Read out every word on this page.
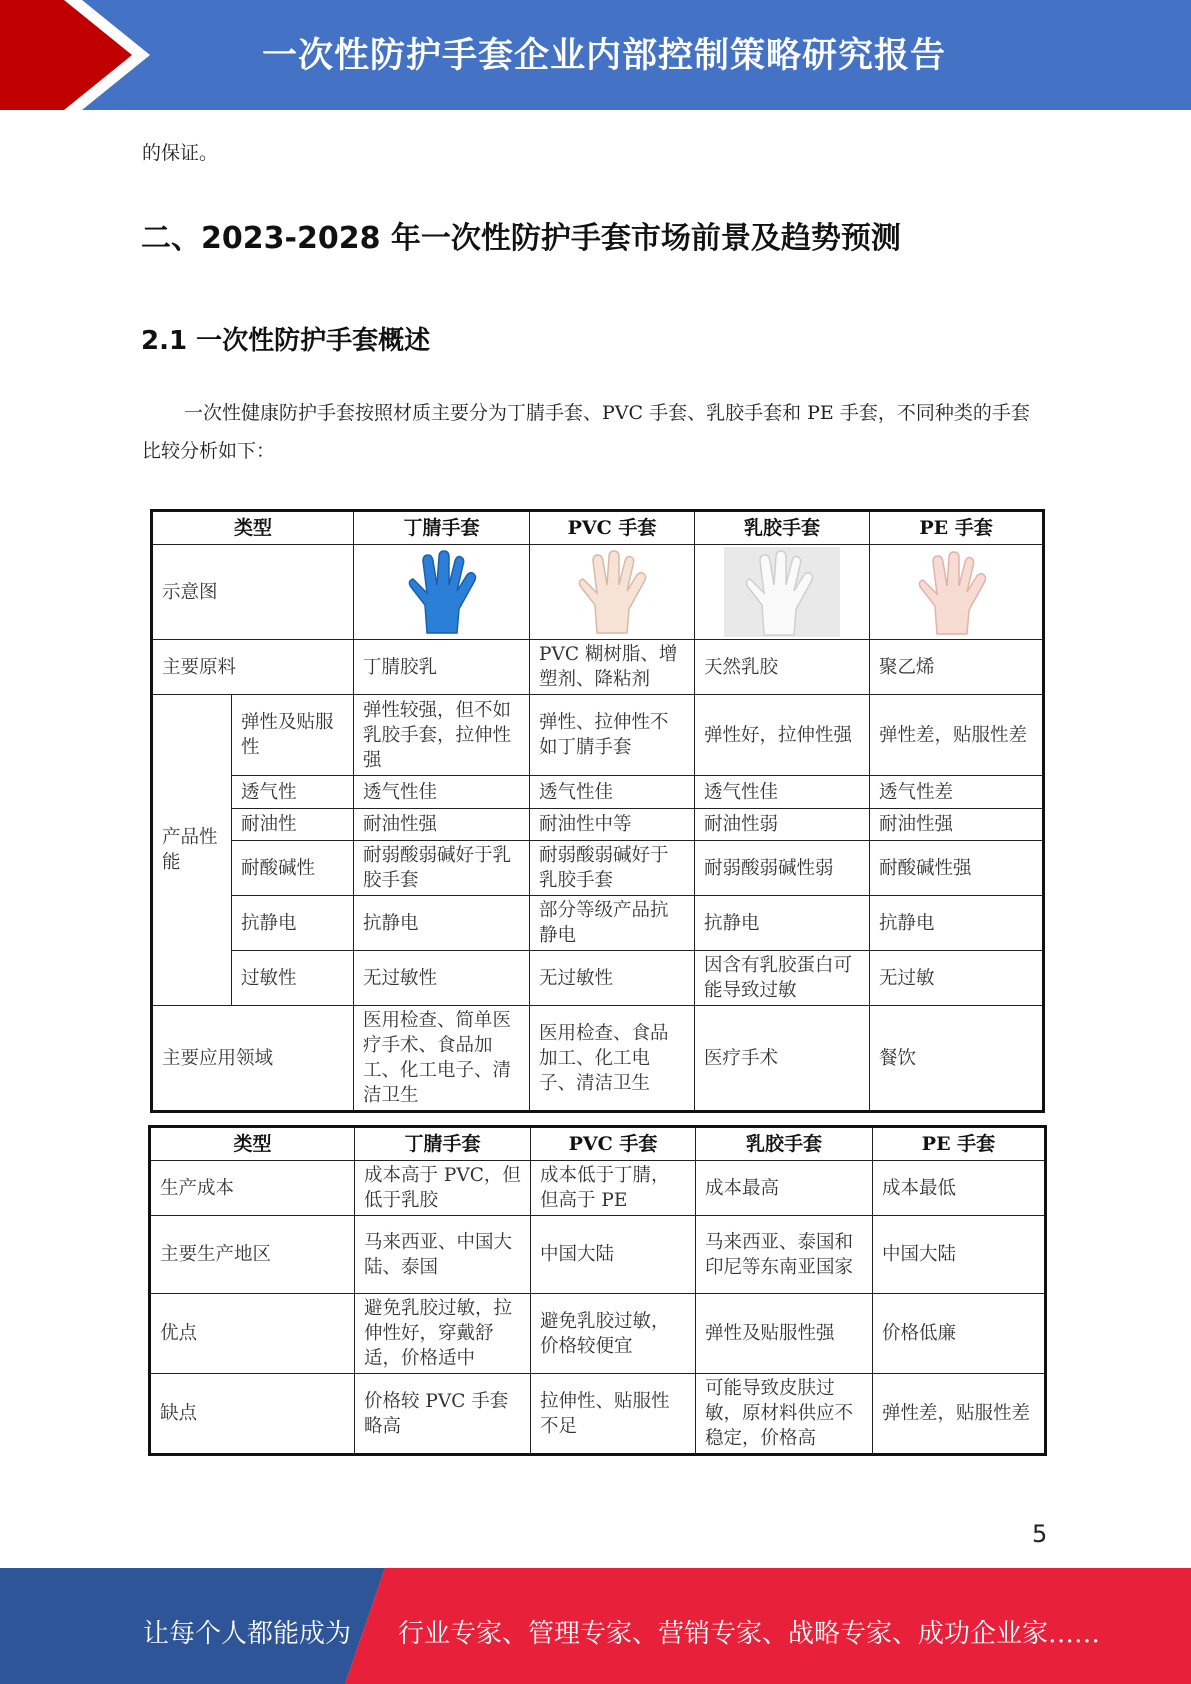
一次性防护手套企业内部控制策略研究报告
的保证。
二、2023-2028 年一次性防护手套市场前景及趋势预测
2.1 一次性防护手套概述
一次性健康防护手套按照材质主要分为丁腈手套、PVC 手套、乳胶手套和 PE 手套，不同种类的手套比较分析如下：
类型		丁腈手套	PVC 手套	乳胶手套	PE 手套
示意图	

主要原料		丁腈胶乳	PVC 糊树脂、增塑剂、降粘剂	天然乳胶	聚乙烯
产品性能	弹性及贴服性	弹性较强，但不如乳胶手套，拉伸性强	弹性、拉伸性不如丁腈手套	弹性好，拉伸性强	弹性差，贴服性差
	透气性	透气性佳	透气性佳	透气性佳	透气性差
	耐油性	耐油性强	耐油性中等	耐油性弱	耐油性强
	耐酸碱性	耐弱酸弱碱好于乳胶手套	耐弱酸弱碱好于乳胶手套	耐弱酸弱碱性弱	耐酸碱性强
	抗静电	抗静电	部分等级产品抗静电	抗静电	抗静电
	过敏性	无过敏性	无过敏性	因含有乳胶蛋白可能导致过敏	无过敏
主要应用领域		医用检查、简单医疗手术、食品加工、化工电子、清洁卫生	医用检查、食品加工、化工电子、清洁卫生	医疗手术	餐饮
类型	丁腈手套	PVC 手套	乳胶手套	PE 手套
生产成本	成本高于 PVC，但低于乳胶	成本低于丁腈，但高于 PE	成本最高	成本最低
主要生产地区	马来西亚、中国大陆、泰国	中国大陆	马来西亚、泰国和印尼等东南亚国家	中国大陆
优点	避免乳胶过敏，拉伸性好，穿戴舒适，价格适中	避免乳胶过敏，价格较便宜	弹性及贴服性强	价格低廉
缺点	价格较 PVC 手套略高	拉伸性、贴服性不足	可能导致皮肤过敏，原材料供应不稳定，价格高	弹性差，贴服性差
5
让每个人都能成为 行业专家、管理专家、营销专家、战略专家、成功企业家……
